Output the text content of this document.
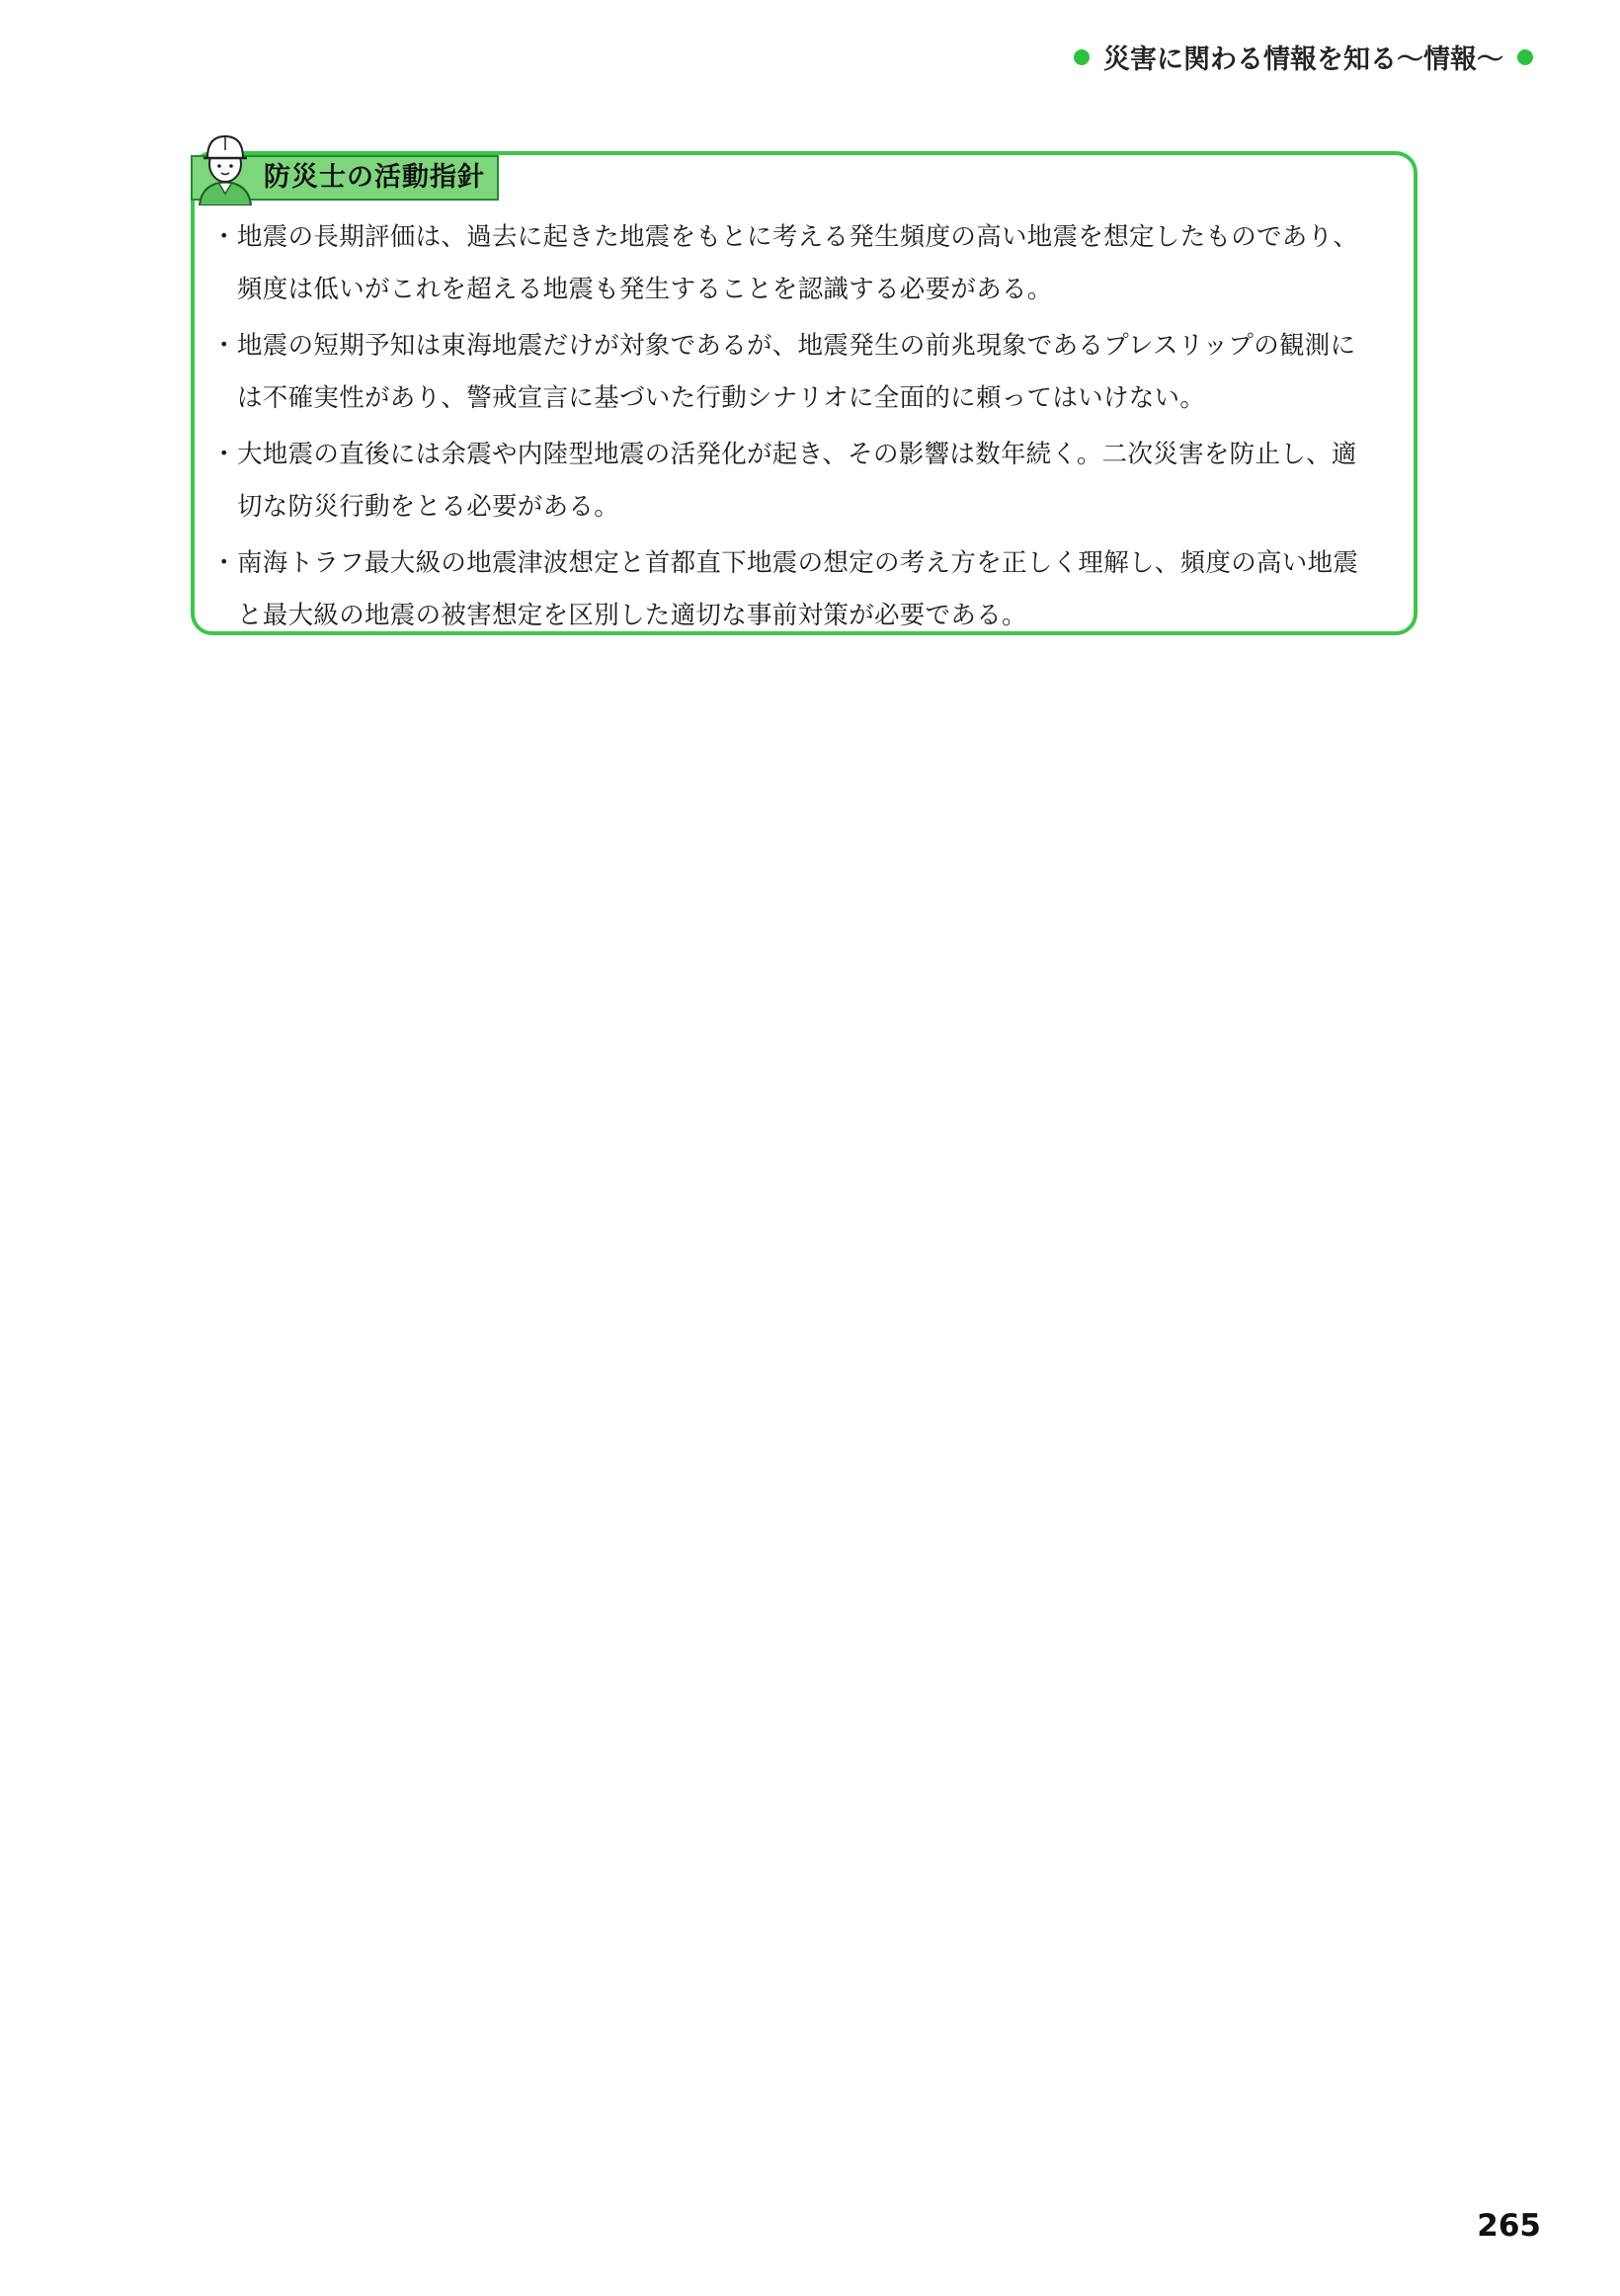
災害に関わる情報を知る〜情報〜
防災士の活動指針
・ 地震の長期評価は、過去に起きた地震をもとに考える発生頻度の高い地震を想定したものであり、頻度は低いがこれを超える地震も発生することを認識する必要がある。
・ 地震の短期予知は東海地震だけが対象であるが、地震発生の前兆現象であるプレスリップの観測には不確実性があり、警戒宣言に基づいた行動シナリオに全面的に頼ってはいけない。
・ 大地震の直後には余震や内陸型地震の活発化が起き、その影響は数年続く。二次災害を防止し、適切な防災行動をとる必要がある。
・ 南海トラフ最大級の地震津波想定と首都直下地震の想定の考え方を正しく理解し、頻度の高い地震と最大級の地震の被害想定を区別した適切な事前対策が必要である。
265
